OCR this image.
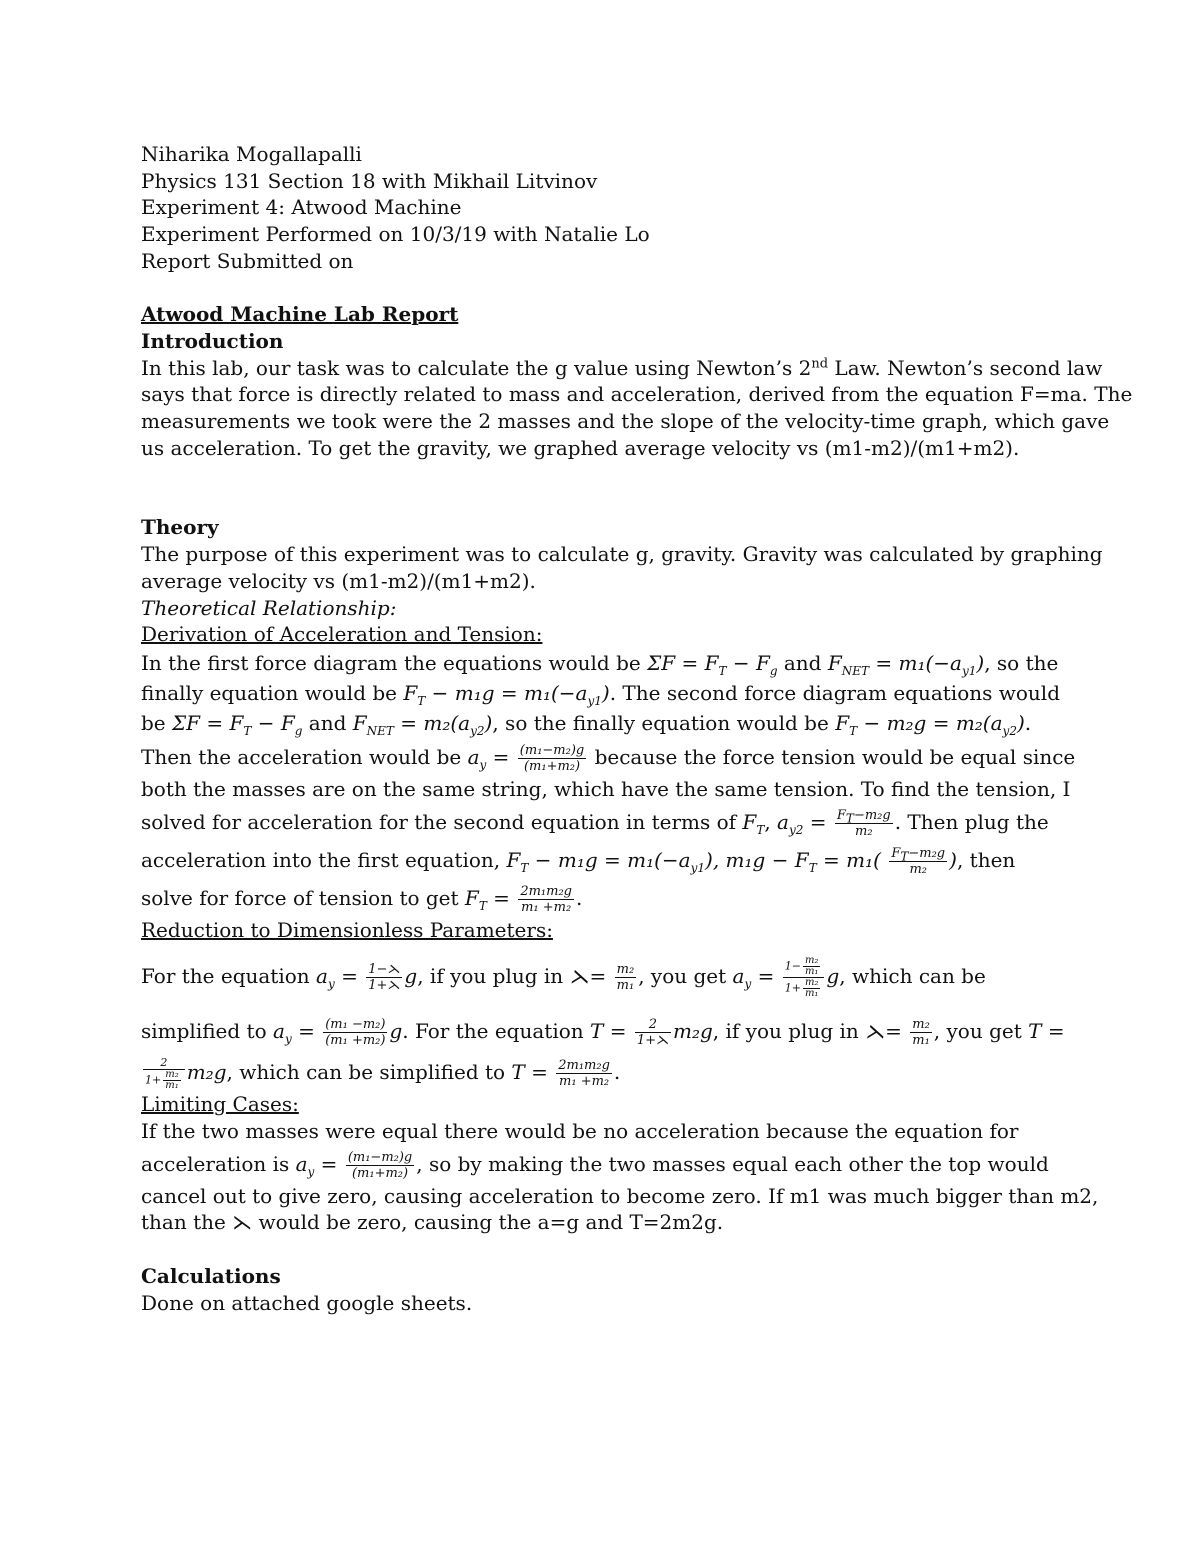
Niharika Mogallapalli
Physics 131 Section 18 with Mikhail Litvinov
Experiment 4: Atwood Machine
Experiment Performed on 10/3/19 with Natalie Lo
Report Submitted on
Atwood Machine Lab Report
Introduction
In this lab, our task was to calculate the g value using Newton’s 2nd Law. Newton’s second law
says that force is directly related to mass and acceleration, derived from the equation F=ma. The
measurements we took were the 2 masses and the slope of the velocity-time graph, which gave
us acceleration. To get the gravity, we graphed average velocity vs (m1-m2)/(m1+m2).
Theory
The purpose of this experiment was to calculate g, gravity. Gravity was calculated by graphing
average velocity vs (m1-m2)/(m1+m2).
Theoretical Relationship:
Derivation of Acceleration and Tension:
In the first force diagram the equations would be $\Sigma F = F_T - F_g$ and $F_{NET} = m_1(-a_{y1})$, so the
finally equation would be $F_T - m_1g = m_1(-a_{y1})$. The second force diagram equations would
be $\Sigma F = F_T - F_g$ and $F_{NET} = m_2(a_{y2})$, so the finally equation would be $F_T - m_2g = m_2(a_{y2})$.
Then the acceleration would be $a_y = \frac{\text{(m₁−m₂)g}}{\text{(m₁+m₂)}}$ because the force tension would be equal since
both the masses are on the same string, which have the same tension. To find the tension, I
solved for acceleration for the second equation in terms of $F_T$, $a_{y2} = \frac{F_T-m_2g}{\text{m₂}}$ . Then plug the
acceleration into the first equation, $F_T - m_1g = m_1(-a_{y1})$, $m_1g - F_T = m_1( \frac{F_T-m_2g}{\text{m₂}}$ ), then
solve for force of tension to get $F_T = \frac{\text{2m₁m₂g}}{\text{m₁ +m₂}}$ .
Reduction to Dimensionless Parameters:
For the equation $a_y = \frac{1-⋋}{1+⋋} g$, if you plug in ⋋= $\frac{\text{m₂}}{\text{m₁}}$ , you get $a_y = \frac{1- \frac{\text{m₂}}{\text{m₁}}}{1+ \frac{\text{m₂}}{\text{m₁}}} g$, which can be
simplified to $a_y = \frac{\text{(m₁ −m₂)}}{\text{(m₁ +m₂)}} g$. For the equation $T = \frac{2}{1+⋋} m_2g$, if you plug in ⋋= $\frac{\text{m₂}}{\text{m₁}}$ , you get T =
$\frac{2}{1+ \frac{\text{m₂}}{\text{m₁}}} m_2g$, which can be simplified to $T = \frac{\text{2m₁m₂g}}{\text{m₁ +m₂}}$ .
Limiting Cases:
If the two masses were equal there would be no acceleration because the equation for
acceleration is $a_y = \frac{\text{(m₁−m₂)g}}{\text{(m₁+m₂)}}$ , so by making the two masses equal each other the top would
cancel out to give zero, causing acceleration to become zero. If m1 was much bigger than m2,
than the ⋋ would be zero, causing the a=g and T=2m2g.
Calculations
Done on attached google sheets.
